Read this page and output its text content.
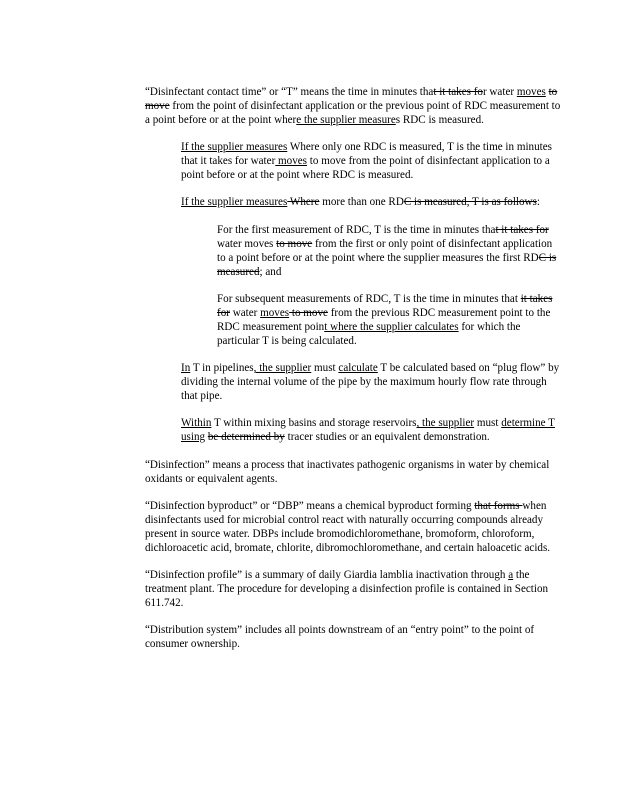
“Disinfectant contact time” or “T” means the time in minutes that it takes for water moves to move from the point of disinfectant application or the previous point of RDC measurement to a point before or at the point where the supplier measures RDC is measured.

If the supplier measures Where only one RDC is measured, T is the time in minutes that it takes for water moves to move from the point of disinfectant application to a point before or at the point where RDC is measured.

If the supplier measures Where more than one RDC is measured, T is as follows:

For the first measurement of RDC, T is the time in minutes that it takes for water moves to move from the first or only point of disinfectant application to a point before or at the point where the supplier measures the first RDC is measured; and

For subsequent measurements of RDC, T is the time in minutes that it takes for water moves to move from the previous RDC measurement point to the RDC measurement point where the supplier calculates for which the particular T is being calculated.

In T in pipelines, the supplier must calculate T be calculated based on “plug flow” by dividing the internal volume of the pipe by the maximum hourly flow rate through that pipe.

Within T within mixing basins and storage reservoirs, the supplier must determine T using be determined by tracer studies or an equivalent demonstration.

“Disinfection” means a process that inactivates pathogenic organisms in water by chemical oxidants or equivalent agents.

“Disinfection byproduct” or “DBP” means a chemical byproduct forming that forms when disinfectants used for microbial control react with naturally occurring compounds already present in source water. DBPs include bromodichloromethane, bromoform, chloroform, dichloroacetic acid, bromate, chlorite, dibromochloromethane, and certain haloacetic acids.

“Disinfection profile” is a summary of daily Giardia lamblia inactivation through a the treatment plant. The procedure for developing a disinfection profile is contained in Section 611.742.

“Distribution system” includes all points downstream of an “entry point” to the point of consumer ownership.
